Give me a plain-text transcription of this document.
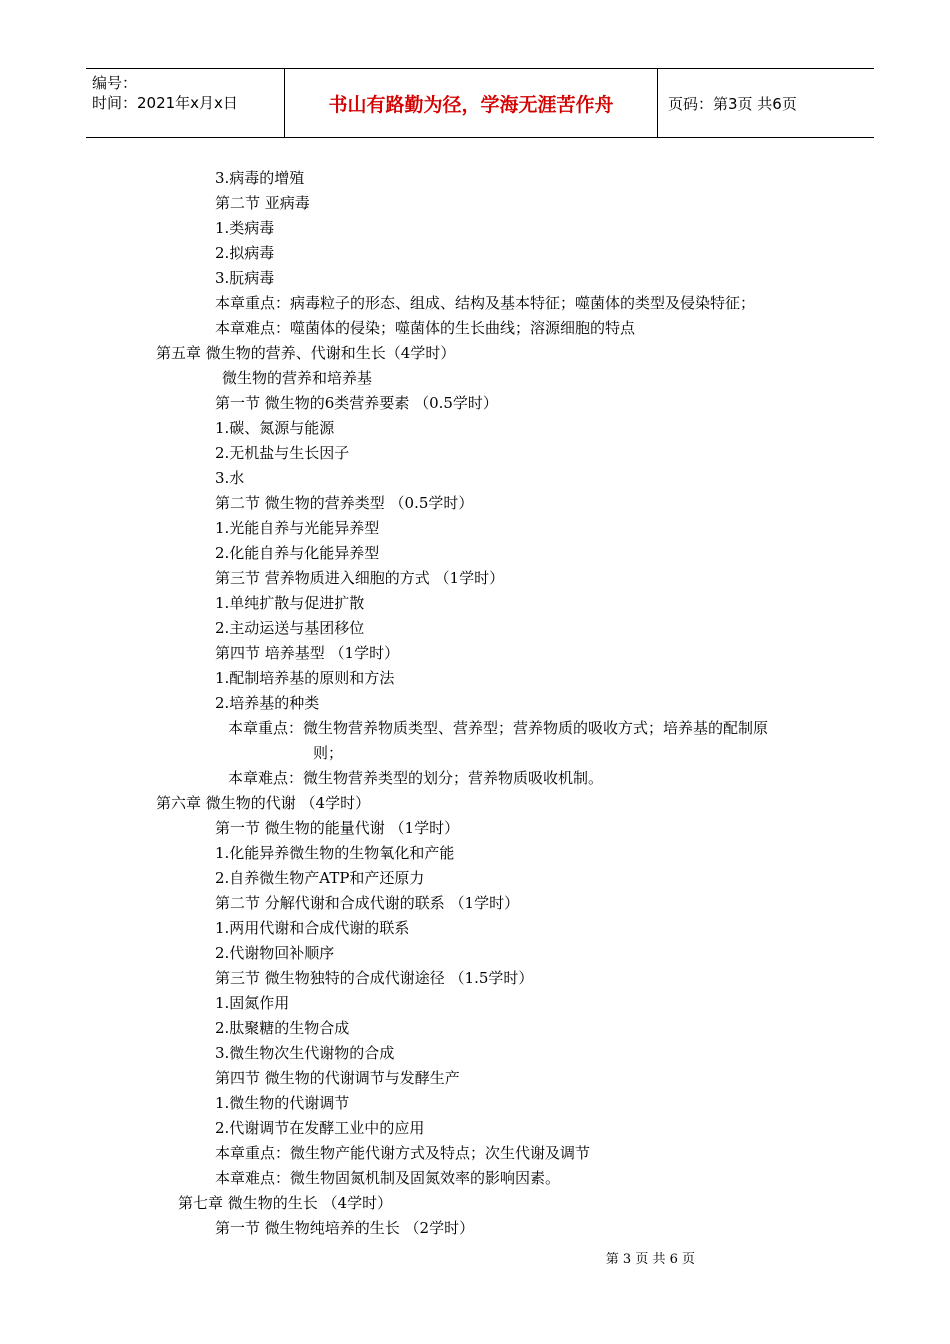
编号：
时间：2021年x月x日	书山有路勤为径，学海无涯苦作舟	页码：第3页 共6页
3.病毒的增殖
第二节 亚病毒
1.类病毒
2.拟病毒
3.朊病毒
本章重点：病毒粒子的形态、组成、结构及基本特征；噬菌体的类型及侵染特征；
本章难点：噬菌体的侵染；噬菌体的生长曲线；溶源细胞的特点
第五章 微生物的营养、代谢和生长（4学时）
微生物的营养和培养基
第一节 微生物的6类营养要素 （0.5学时）
1.碳、氮源与能源
2.无机盐与生长因子
3.水
第二节 微生物的营养类型 （0.5学时）
1.光能自养与光能异养型
2.化能自养与化能异养型
第三节 营养物质进入细胞的方式 （1学时）
1.单纯扩散与促进扩散
2.主动运送与基团移位
第四节 培养基型 （1学时）
1.配制培养基的原则和方法
2.培养基的种类
本章重点：微生物营养物质类型、营养型；营养物质的吸收方式；培养基的配制原
则；
本章难点：微生物营养类型的划分；营养物质吸收机制。
第六章 微生物的代谢 （4学时）
第一节 微生物的能量代谢 （1学时）
1.化能异养微生物的生物氧化和产能
2.自养微生物产ATP和产还原力
第二节 分解代谢和合成代谢的联系 （1学时）
1.两用代谢和合成代谢的联系
2.代谢物回补顺序
第三节 微生物独特的合成代谢途径 （1.5学时）
1.固氮作用
2.肽聚糖的生物合成
3.微生物次生代谢物的合成
第四节 微生物的代谢调节与发酵生产
1.微生物的代谢调节
2.代谢调节在发酵工业中的应用
本章重点：微生物产能代谢方式及特点；次生代谢及调节
本章难点：微生物固氮机制及固氮效率的影响因素。
第七章 微生物的生长 （4学时）
第一节 微生物纯培养的生长 （2学时）
第 3 页 共 6 页
